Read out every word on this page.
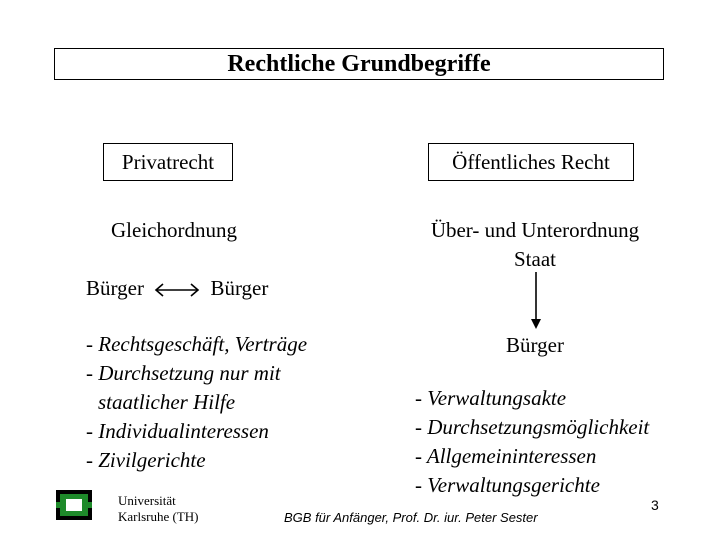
Rechtliche Grundbegriffe
Privatrecht
Gleichordnung
Bürger	Bürger
- Rechtsgeschäft, Verträge
- Durchsetzung nur mit
staatlicher Hilfe
- Individualinteressen
- Zivilgerichte
Öffentliches Recht
Über- und Unterordnung
Staat
Bürger
- Verwaltungsakte
- Durchsetzungsmöglichkeit
- Allgemeininteressen
- Verwaltungsgerichte
Universität
Karlsruhe (TH)	BGB für Anfänger, Prof. Dr. iur. Peter Sester
3
